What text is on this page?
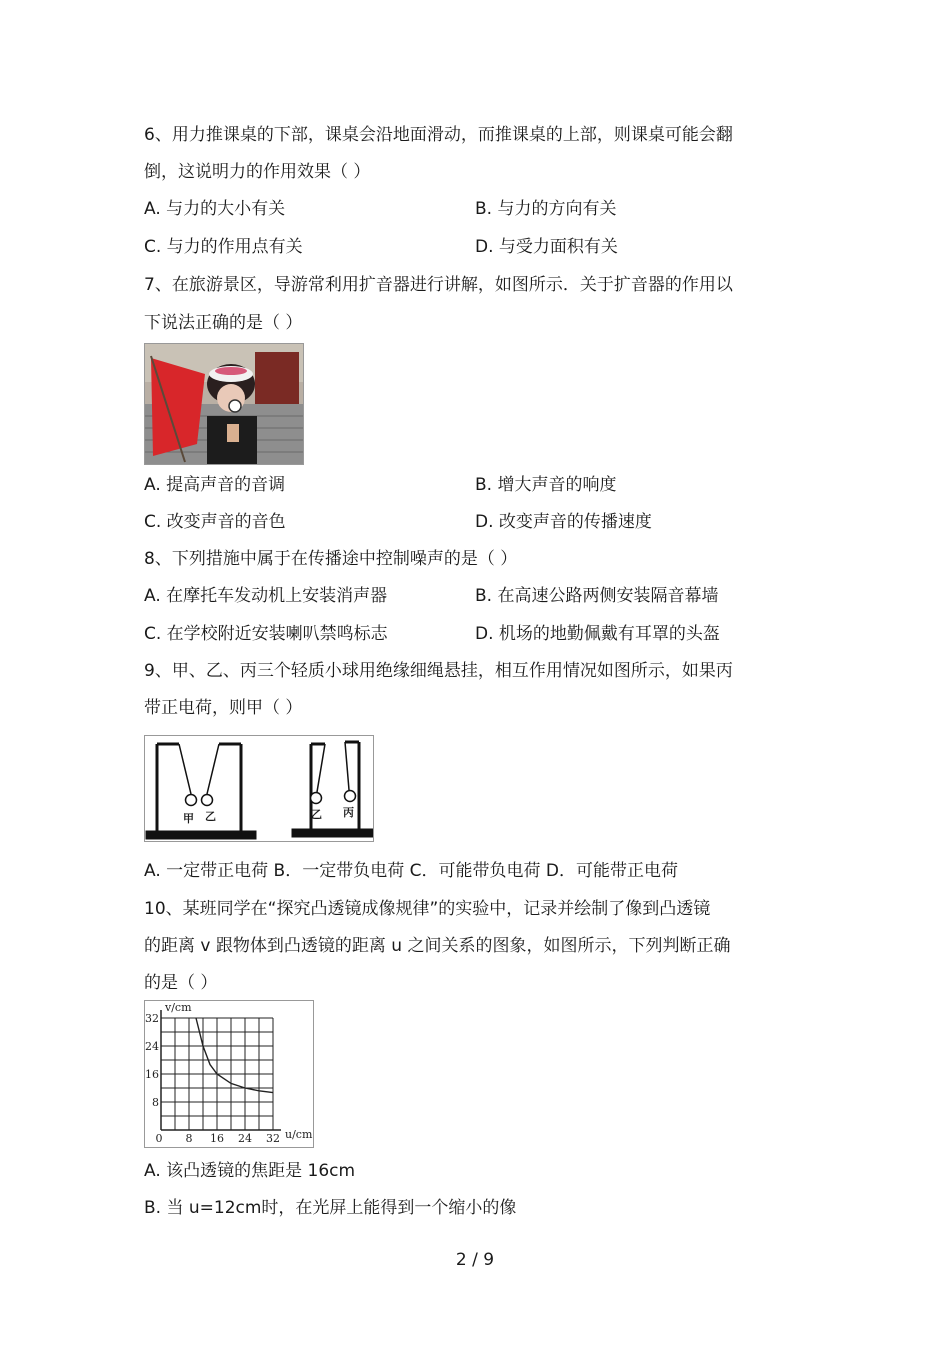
6、用力推课桌的下部，课桌会沿地面滑动，而推课桌的上部，则课桌可能会翻
倒，这说明力的作用效果（ ）
A. 与力的大小有关	B. 与力的方向有关
C. 与力的作用点有关	D. 与受力面积有关
7、在旅游景区，导游常利用扩音器进行讲解，如图所示．关于扩音器的作用以
下说法正确的是（ ）
A. 提高声音的音调	B. 增大声音的响度
C. 改变声音的音色	D. 改变声音的传播速度
8、下列措施中属于在传播途中控制噪声的是（ ）
A. 在摩托车发动机上安装消声器	B. 在高速公路两侧安装隔音幕墙
C. 在学校附近安装喇叭禁鸣标志	D. 机场的地勤佩戴有耳罩的头盔
9、甲、乙、丙三个轻质小球用绝缘细绳悬挂，相互作用情况如图所示，如果丙
带正电荷，则甲（ ）
甲 乙	乙 丙
A. 一定带正电荷 B．一定带负电荷 C．可能带负电荷 D．可能带正电荷
10、某班同学在“探究凸透镜成像规律”的实验中，记录并绘制了像到凸透镜
的距离 v 跟物体到凸透镜的距离 u 之间关系的图象，如图所示，下列判断正确
的是（ ）
0 8 16 24 32
8
16
24
32
v/cm
u/cm
A. 该凸透镜的焦距是 16cm
B. 当 u=12cm时，在光屏上能得到一个缩小的像
2 / 9
